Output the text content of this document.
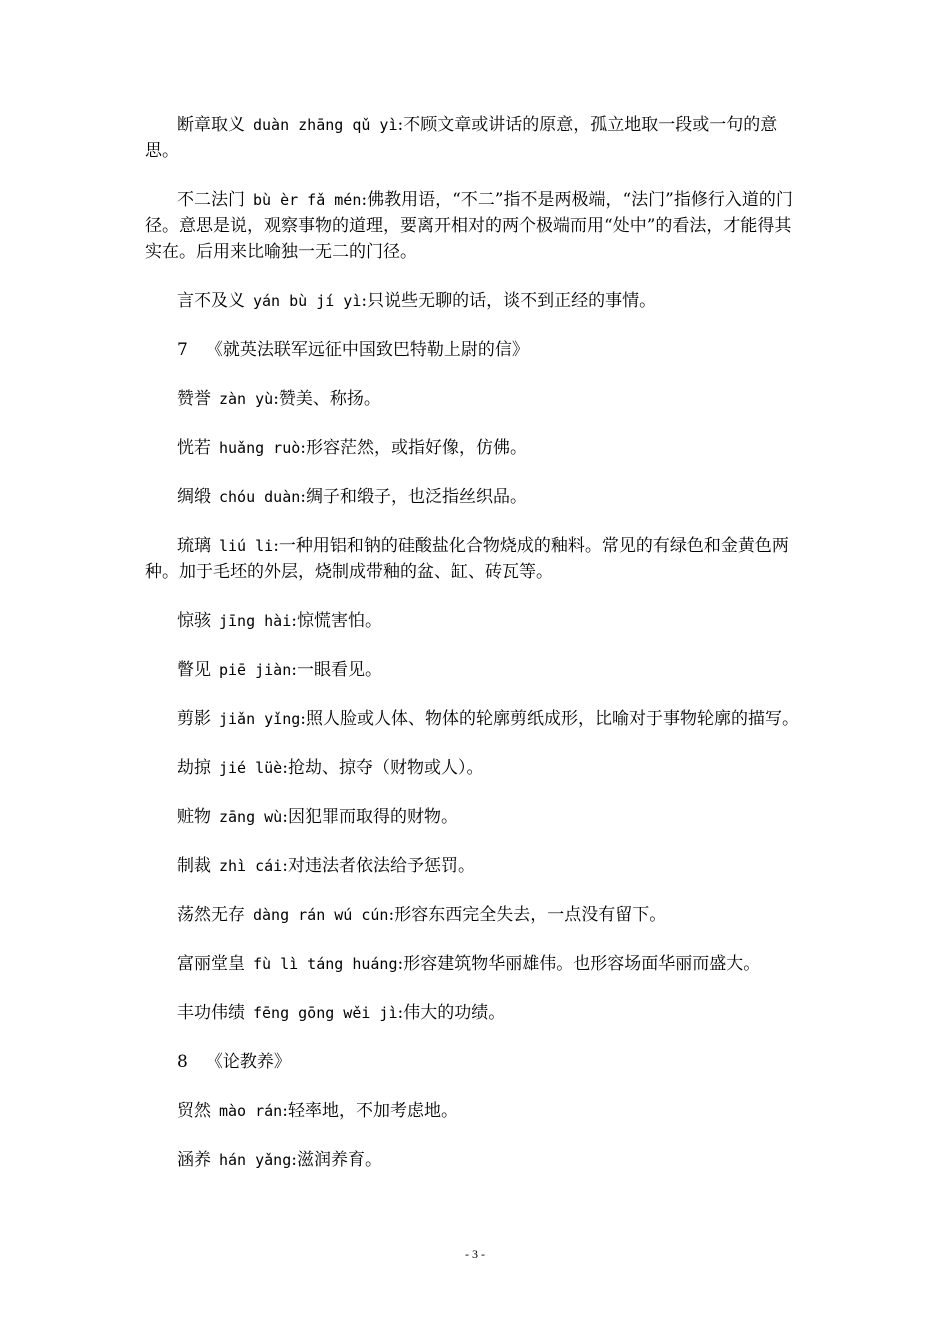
断章取义 duàn zhāng qǔ yì:不顾文章或讲话的原意，孤立地取一段或一句的意思。

不二法门 bù èr fǎ mén:佛教用语，“不二”指不是两极端，“法门”指修行入道的门径。意思是说，观察事物的道理，要离开相对的两个极端而用“处中”的看法，才能得其实在。后用来比喻独一无二的门径。

言不及义 yán bù jí yì:只说些无聊的话，谈不到正经的事情。

7 《就英法联军远征中国致巴特勒上尉的信》

赞誉 zàn yù:赞美、称扬。

恍若 huǎng ruò:形容茫然，或指好像，仿佛。

绸缎 chóu duàn:绸子和缎子，也泛指丝织品。

琉璃 liú li:一种用铝和钠的硅酸盐化合物烧成的釉料。常见的有绿色和金黄色两种。加于毛坯的外层，烧制成带釉的盆、缸、砖瓦等。

惊骇 jīng hài:惊慌害怕。

瞥见 piē jiàn:一眼看见。

剪影 jiǎn yǐng:照人脸或人体、物体的轮廓剪纸成形，比喻对于事物轮廓的描写。

劫掠 jié lüè:抢劫、掠夺（财物或人）。

赃物 zāng wù:因犯罪而取得的财物。

制裁 zhì cái:对违法者依法给予惩罚。

荡然无存 dàng rán wú cún:形容东西完全失去，一点没有留下。

富丽堂皇 fù lì táng huáng:形容建筑物华丽雄伟。也形容场面华丽而盛大。

丰功伟绩 fēng gōng wěi jì:伟大的功绩。

8 《论教养》

贸然 mào rán:轻率地，不加考虑地。

涵养 hán yǎng:滋润养育。

- 3 -
